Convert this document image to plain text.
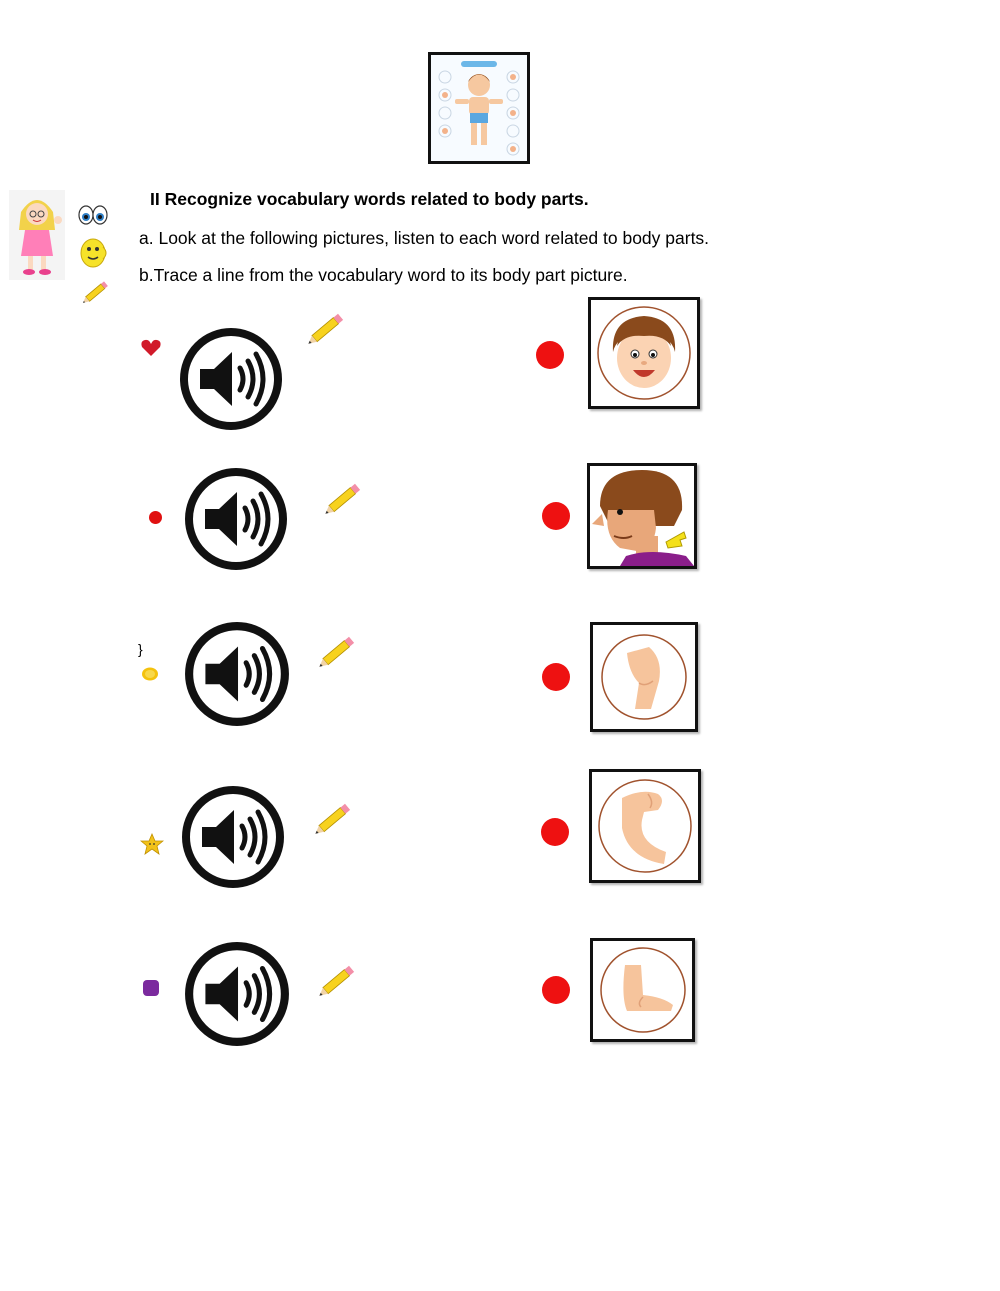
II Recognize vocabulary words related to body parts.
a. Look at the following pictures, listen to each word related to body parts.
b.Trace a line from the vocabulary word to its body part picture.
}
